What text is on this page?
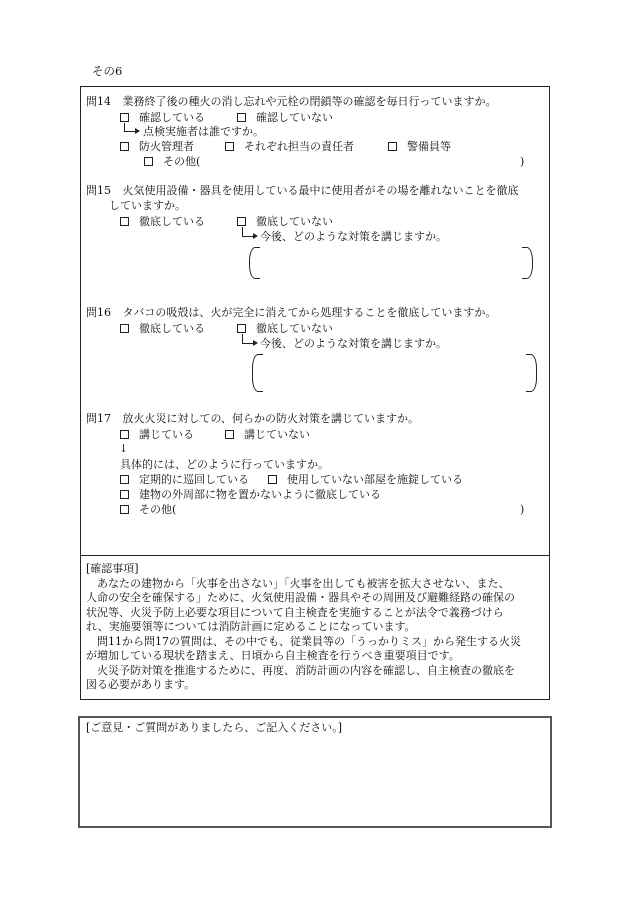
その6
問14 業務終了後の種火の消し忘れや元栓の閉鎖等の確認を毎日行っていますか。
確認している	確認していない
点検実施者は誰ですか。
防火管理者	それぞれ担当の責任者	警備員等
その他(	)
問15 火気使用設備・器具を使用している最中に使用者がその場を離れないことを徹底
していますか。
徹底している	徹底していない
今後、どのような対策を講じますか。
問16 タバコの吸殻は、火が完全に消えてから処理することを徹底していますか。
徹底している	徹底していない
今後、どのような対策を講じますか。
問17 放火火災に対しての、何らかの防火対策を講じていますか。
講じている	講じていない
↓
具体的には、どのように行っていますか。
定期的に巡回している	使用していない部屋を施錠している
建物の外周部に物を置かないように徹底している
その他(	)
[確認事項]
あなたの建物から「火事を出さない」「火事を出しても被害を拡大させない、また、
人命の安全を確保する」ために、火気使用設備・器具やその周囲及び避難経路の確保の
状況等、火災予防上必要な項目について自主検査を実施することが法令で義務づけら
れ、実施要領等については消防計画に定めることになっています。
問11から問17の質問は、その中でも、従業員等の「うっかりミス」から発生する火災
が増加している現状を踏まえ、日頃から自主検査を行うべき重要項目です。
火災予防対策を推進するために、再度、消防計画の内容を確認し、自主検査の徹底を
図る必要があります。
[ご意見・ご質問がありましたら、ご記入ください。]
